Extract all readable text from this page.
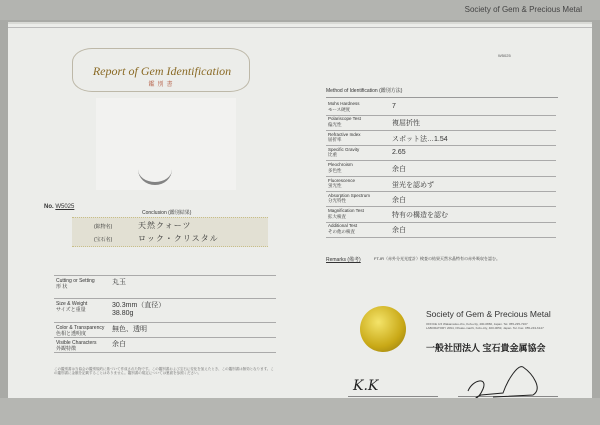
Society of Gem & Precious Metal
W5025
Report of Gem Identification
鑑別書
No. W5025
Conclusion (鑑別結果)
(鉱物名)	天然クォーツ
(宝石名)	ロック・クリスタル
Cutting or Setting
形 状
丸玉
Size & Weight
サイズと重量
30.3mm（直径）
38.80g
Color & Transparency
色相と透明度
無色、透明
Visible Characters
外観特徴
余白
この鑑別書は当協会の鑑別規約に基づいて作成された物です。この鑑別書および宝石に変化を加えたとき、この鑑別書は無効となります。この鑑別書に金額を記載することはありません。鑑別書の規定については裏面を参照ください。
Method of Identification (鑑別方法)
Mohs Hardness
モース硬度	7
Polariscope Test
偏光性	複屈折性
Refractive Index
屈折率	スポット法…1.54
Specific Gravity
比重	2.65
Pleochroism
多色性	余白
Fluorescence
蛍光性	蛍光を認めず
Absorption Spectrum
分光特性	余白
Magnification Test
拡大検査	特有の構造を認む
Additional Test
その他の検査	余白
Remarks (備考)	FT-IR（赤外分光光度計）検査の結果天然水晶特有の赤外吸収を認む。
Society of Gem & Precious Metal
OFFICE 4-5 Wakamatsu-cho, Kofu-city, 400-0866, Japan. Tel. 055-235-7207
LABORATORY 2094, Ohsato-machi, Kofu-city, 400-0053, Japan. Tel. Fax. 055-243-6147
一般社団法人 宝石貴金属協会
K.K
